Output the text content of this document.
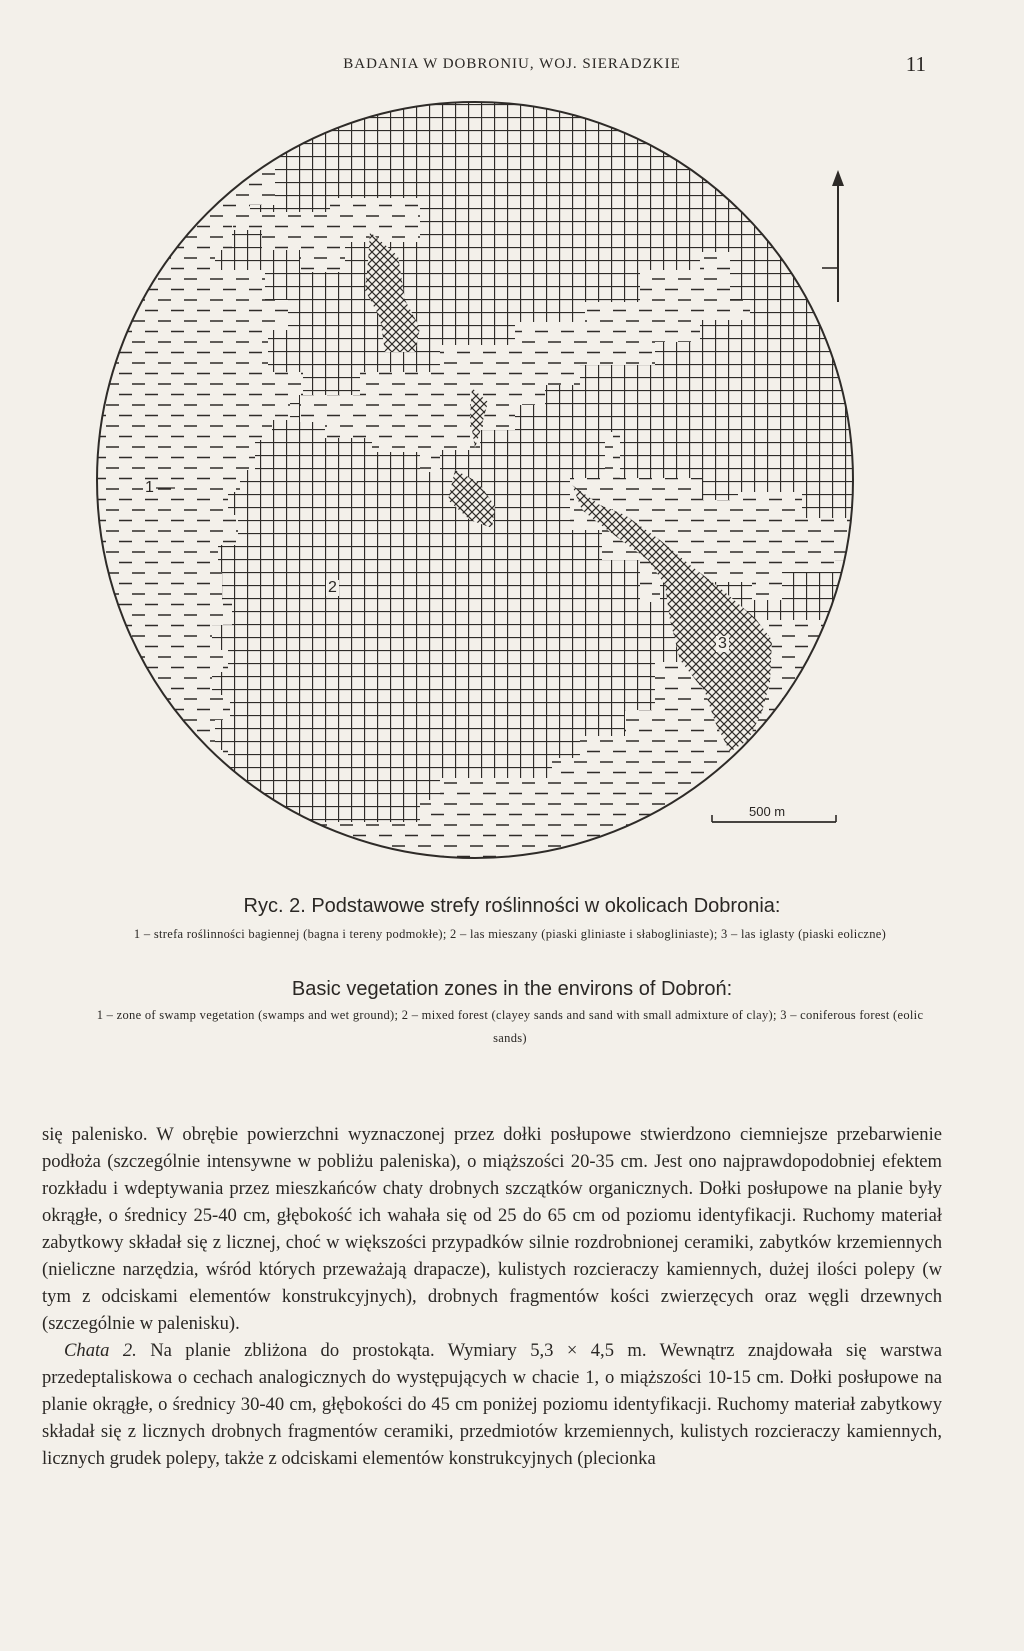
BADANIA W DOBRONIU, WOJ. SIERADZKIE	11
1
2
3
500 m
Ryc. 2. Podstawowe strefy roślinności w okolicach Dobronia:
1 – strefa roślinności bagiennej (bagna i tereny podmokłe); 2 – las mieszany (piaski gliniaste i słabogliniaste); 3 – las iglasty (piaski eoliczne)
Basic vegetation zones in the environs of Dobroń:
1 – zone of swamp vegetation (swamps and wet ground); 2 – mixed forest (clayey sands and sand with small admixture of clay); 3 – coniferous forest (eolic sands)

się palenisko. W obrębie powierzchni wyznaczonej przez dołki posłupowe stwierdzono ciemniejsze przebarwienie podłoża (szczególnie intensywne w pobliżu paleniska), o miąższości 20-35 cm. Jest ono najprawdopodobniej efektem rozkładu i wdeptywania przez mieszkańców chaty drobnych szczątków organicznych. Dołki posłupowe na planie były okrągłe, o średnicy 25-40 cm, głębokość ich wahała się od 25 do 65 cm od poziomu identyfikacji. Ruchomy materiał zabytkowy składał się z licznej, choć w większości przypadków silnie rozdrobnionej ceramiki, zabytków krzemiennych (nieliczne narzędzia, wśród których przeważają drapacze), kulistych rozcieraczy kamiennych, dużej ilości polepy (w tym z odciskami elementów konstrukcyjnych), drobnych fragmentów kości zwierzęcych oraz węgli drzewnych (szczególnie w palenisku).

Chata 2. Na planie zbliżona do prostokąta. Wymiary 5,3 × 4,5 m. Wewnątrz znajdowała się warstwa przedeptaliskowa o cechach analogicznych do występujących w chacie 1, o miąższości 10-15 cm. Dołki posłupowe na planie okrągłe, o średnicy 30-40 cm, głębokości do 45 cm poniżej poziomu identyfikacji. Ruchomy materiał zabytkowy składał się z licznych drobnych fragmentów ceramiki, przedmiotów krzemiennych, kulistych rozcieraczy kamiennych, licznych grudek polepy, także z odciskami elementów konstrukcyjnych (plecionka
